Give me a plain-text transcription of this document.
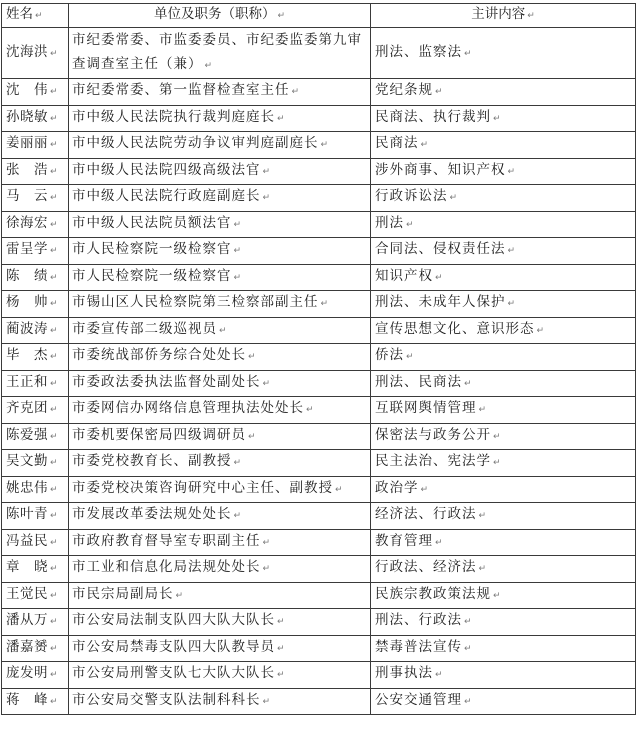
姓名 ↵	单位及职务（职称） ↵	主讲内容 ↵
沈海洪 ↵	市纪委常委、市监委委员、市纪委监委第九审查调查室主任（兼） ↵	刑法、监察法 ↵
沈　伟 ↵	市纪委常委、第一监督检查室主任 ↵	党纪条规 ↵
孙晓敏 ↵	市中级人民法院执行裁判庭庭长 ↵	民商法、执行裁判 ↵
姜丽丽 ↵	市中级人民法院劳动争议审判庭副庭长 ↵	民商法 ↵
张　浩 ↵	市中级人民法院四级高级法官 ↵	涉外商事、知识产权 ↵
马　云 ↵	市中级人民法院行政庭副庭长 ↵	行政诉讼法 ↵
徐海宏 ↵	市中级人民法院员额法官 ↵	刑法 ↵
雷呈学 ↵	市人民检察院一级检察官 ↵	合同法、侵权责任法 ↵
陈　绩 ↵	市人民检察院一级检察官 ↵	知识产权 ↵
杨　帅 ↵	市锡山区人民检察院第三检察部副主任 ↵	刑法、未成年人保护 ↵
蔺波涛 ↵	市委宣传部二级巡视员 ↵	宣传思想文化、意识形态 ↵
毕　杰 ↵	市委统战部侨务综合处处长 ↵	侨法 ↵
王正和 ↵	市委政法委执法监督处副处长 ↵	刑法、民商法 ↵
齐克团 ↵	市委网信办网络信息管理执法处处长 ↵	互联网舆情管理 ↵
陈爱强 ↵	市委机要保密局四级调研员 ↵	保密法与政务公开 ↵
吴文勤 ↵	市委党校教育长、副教授 ↵	民主法治、宪法学 ↵
姚忠伟 ↵	市委党校决策咨询研究中心主任、副教授 ↵	政治学 ↵
陈叶青 ↵	市发展改革委法规处处长 ↵	经济法、行政法 ↵
冯益民 ↵	市政府教育督导室专职副主任 ↵	教育管理 ↵
章　晓 ↵	市工业和信息化局法规处处长 ↵	行政法、经济法 ↵
王觉民 ↵	市民宗局副局长 ↵	民族宗教政策法规 ↵
潘从万 ↵	市公安局法制支队四大队大队长 ↵	刑法、行政法 ↵
潘嘉赟 ↵	市公安局禁毒支队四大队教导员 ↵	禁毒普法宣传 ↵
庞发明 ↵	市公安局刑警支队七大队大队长 ↵	刑事执法 ↵
蒋　峰 ↵	市公安局交警支队法制科科长 ↵	公安交通管理 ↵
